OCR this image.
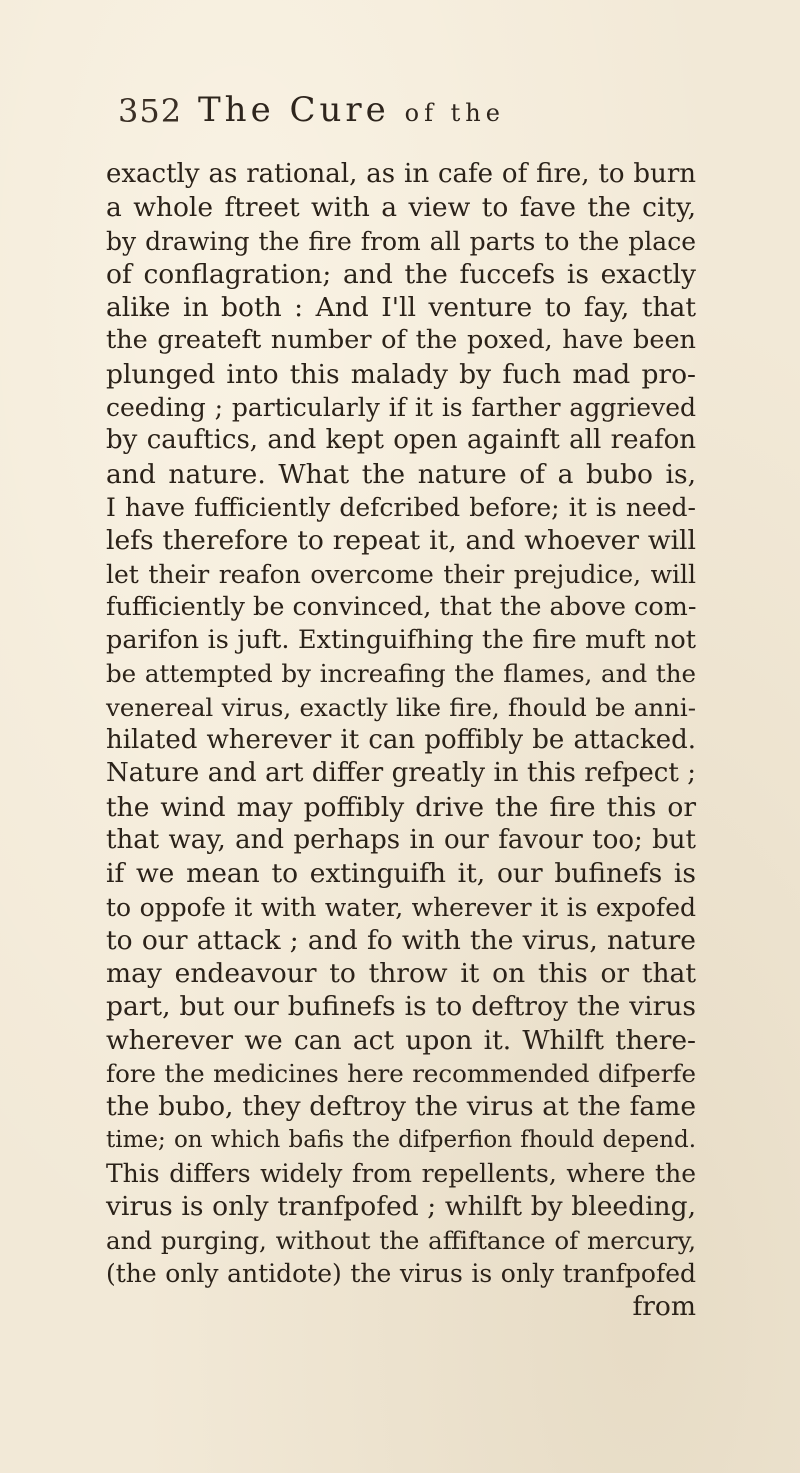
352 The Cure of the
exactly as rational, as in cafe of fire, to burn
a whole ftreet with a view to fave the city,
by drawing the fire from all parts to the place
of conflagration; and the fuccefs is exactly
alike in both : And I'll venture to fay, that
the greateft number of the poxed, have been
plunged into this malady by fuch mad pro-
ceeding ; particularly if it is farther aggrieved
by cauftics, and kept open againft all reafon
and nature. What the nature of a bubo is,
I have fufficiently defcribed before; it is need-
lefs therefore to repeat it, and whoever will
let their reafon overcome their prejudice, will
fufficiently be convinced, that the above com-
parifon is juft. Extinguifhing the fire muft not
be attempted by increafing the flames, and the
venereal virus, exactly like fire, fhould be anni-
hilated wherever it can poffibly be attacked.
Nature and art differ greatly in this refpect ;
the wind may poffibly drive the fire this or
that way, and perhaps in our favour too; but
if we mean to extinguifh it, our bufinefs is
to oppofe it with water, wherever it is expofed
to our attack ; and fo with the virus, nature
may endeavour to throw it on this or that
part, but our bufinefs is to deftroy the virus
wherever we can act upon it. Whilft there-
fore the medicines here recommended difperfe
the bubo, they deftroy the virus at the fame
time; on which bafis the difperfion fhould depend.
This differs widely from repellents, where the
virus is only tranfpofed ; whilft by bleeding,
and purging, without the affiftance of mercury,
(the only antidote) the virus is only tranfpofed
from
